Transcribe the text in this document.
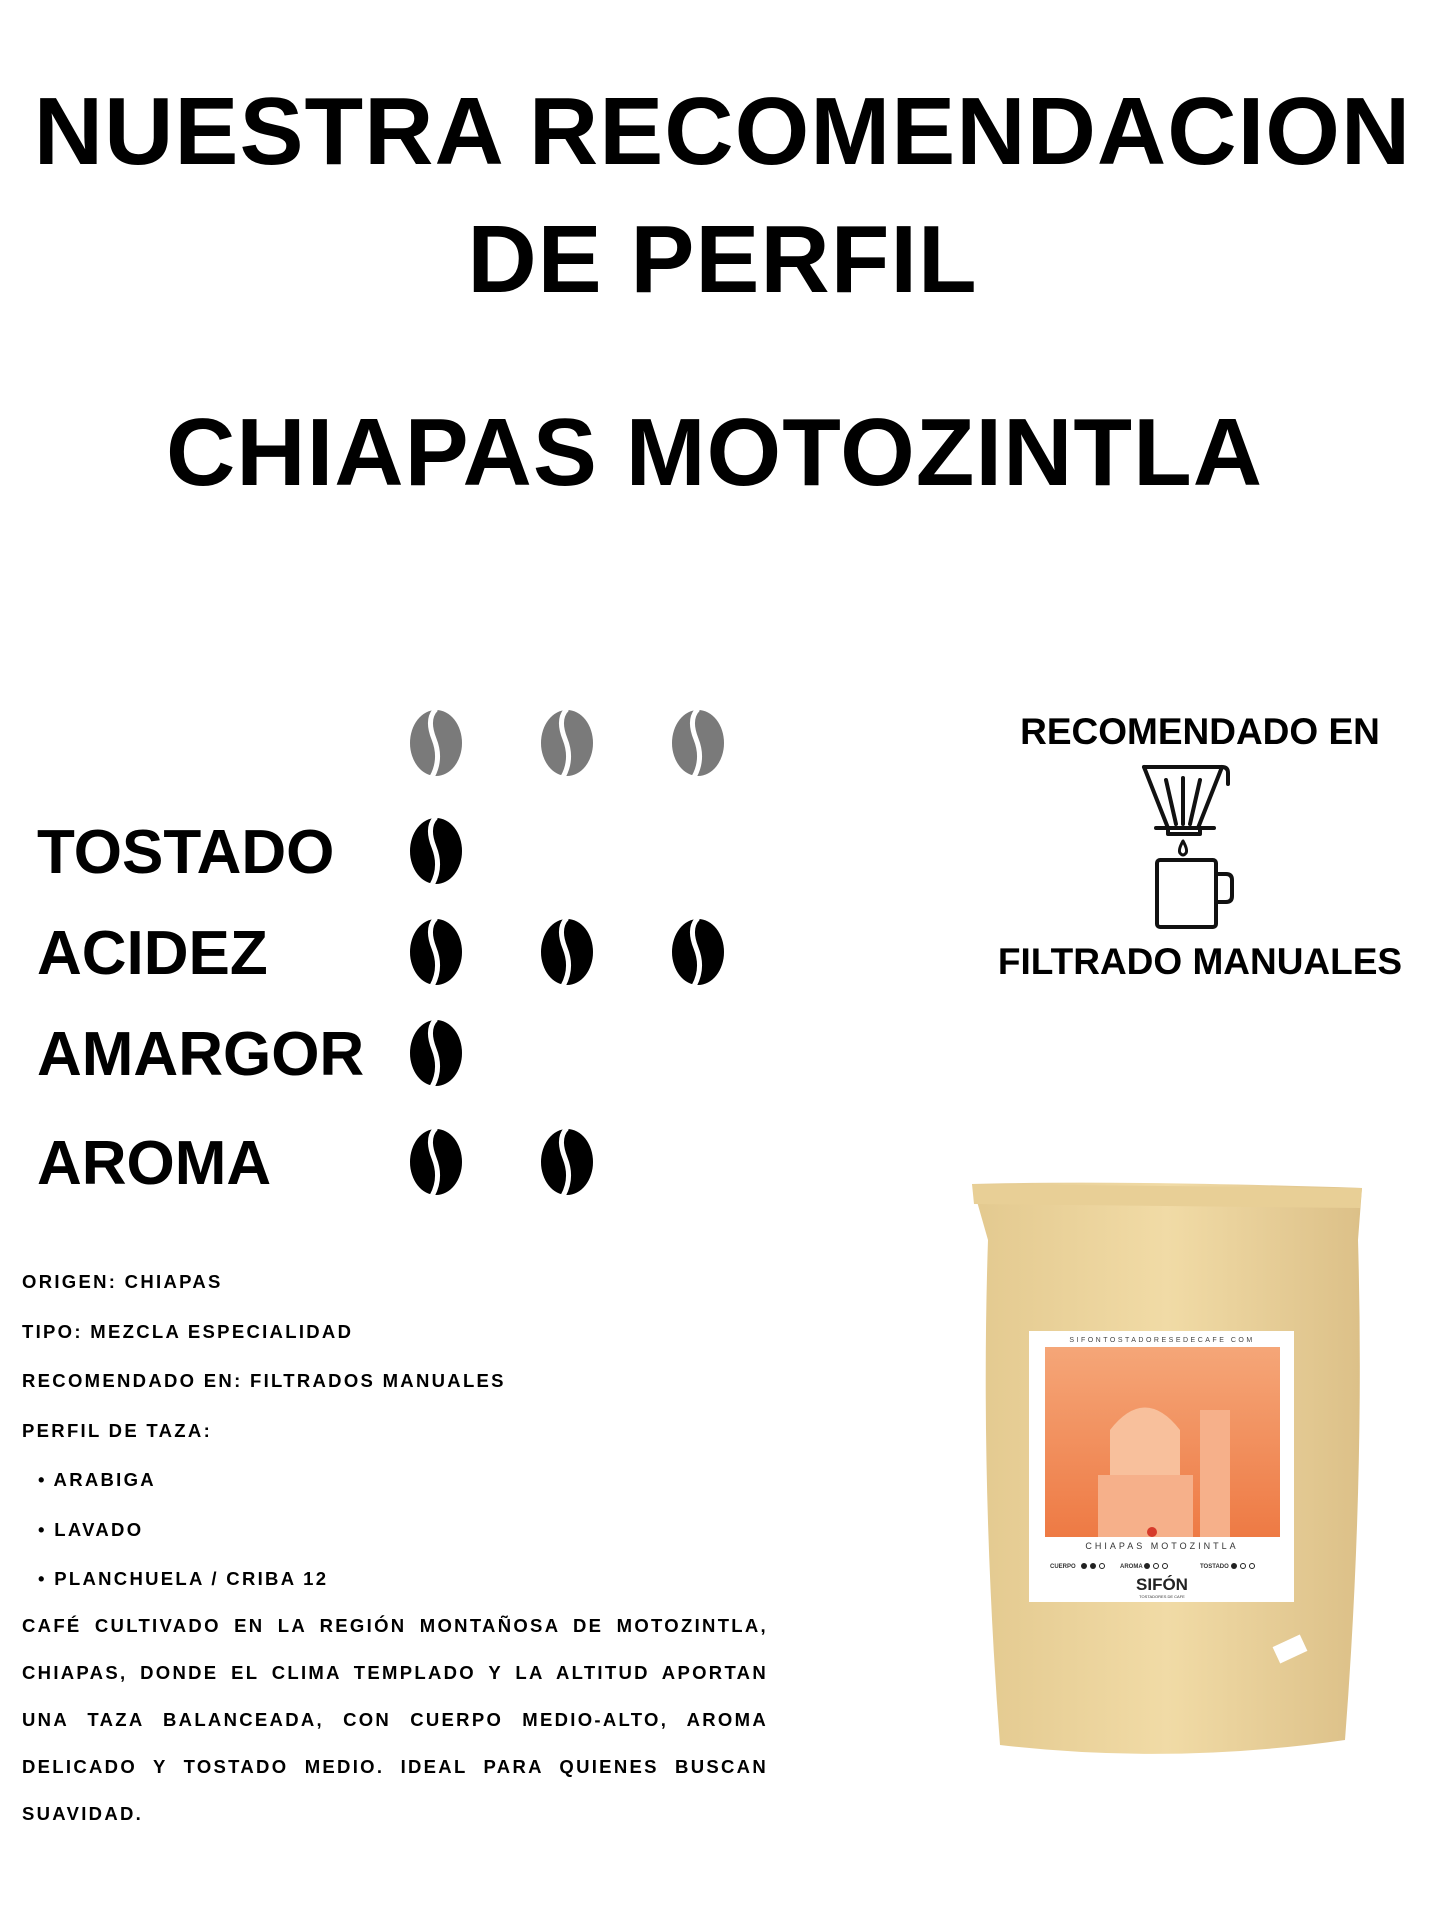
NUESTRA RECOMENDACION
DE PERFIL
CHIAPAS MOTOZINTLA
TOSTADO
ACIDEZ
AMARGOR
AROMA
RECOMENDADO EN
FILTRADO MANUALES
ORIGEN: CHIAPAS
TIPO: MEZCLA ESPECIALIDAD
RECOMENDADO EN: FILTRADOS MANUALES
PERFIL DE TAZA:
• ARABIGA
• LAVADO
• PLANCHUELA / CRIBA 12
CAFÉ CULTIVADO EN LA REGIÓN MONTAÑOSA DE MOTOZINTLA,
CHIAPAS, DONDE EL CLIMA TEMPLADO Y LA ALTITUD APORTAN
UNA TAZA BALANCEADA, CON CUERPO MEDIO-ALTO, AROMA
DELICADO Y TOSTADO MEDIO. IDEAL PARA QUIENES BUSCAN
SUAVIDAD.
SIFONTOSTADORESEDECAFE COM
CHIAPAS MOTOZINTLA
CUERPO	AROMA	TOSTADO
SIFÓN
TOSTADORES DE CAFE
